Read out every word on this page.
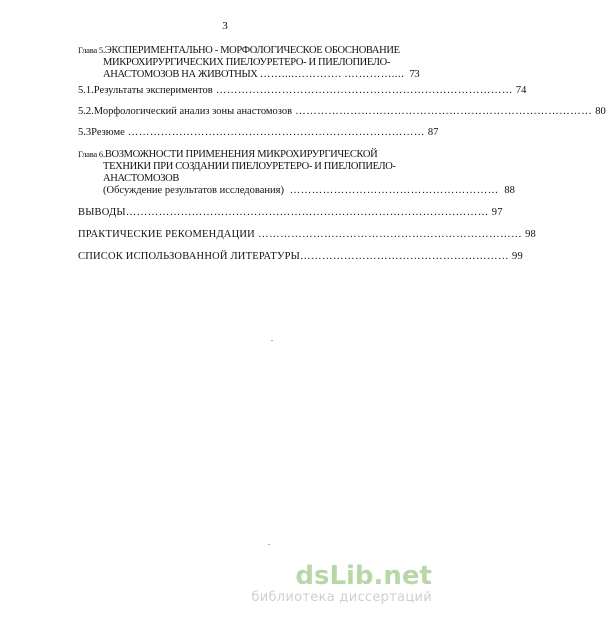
3
Глава 5.ЭКСПЕРИМЕНТАЛЬНО - МОРФОЛОГИЧЕСКОЕ ОБОСНОВАНИЕ
МИКРОХИРУРГИЧЕСКИХ ПИЕЛОУРЕТЕРО- И ПИЕЛОПИЕЛО-
АНАСТОМОЗОВ НА ЖИВОТНЫХ ……....…………. .………….... 73
5.1. Результаты экспериментов ……………………………………………………………………… 74
5.2. Морфологический анализ зоны анастомозов ……………………………………………………………………… 80
5.3 Резюме ……………………………………………………………………… 87
Глава 6.ВОЗМОЖНОСТИ ПРИМЕНЕНИЯ МИКРОХИРУРГИЧЕСКОЙ
ТЕХНИКИ ПРИ СОЗДАНИИ ПИЕЛОУРЕТЕРО- И ПИЕЛОПИЕЛО-
АНАСТОМОЗОВ
(Обсуждение результатов исследования)  ………………………………………………… 88
ВЫВОДЫ ……………………………………………………………………………………… 97
ПРАКТИЧЕСКИЕ РЕКОМЕНДАЦИИ ……………………………………………………………… 98
СПИСОК ИСПОЛЬЗОВАННОЙ ЛИТЕРАТУРЫ ………………………………………………… 99
dsLib.net
библиотека диссертаций
